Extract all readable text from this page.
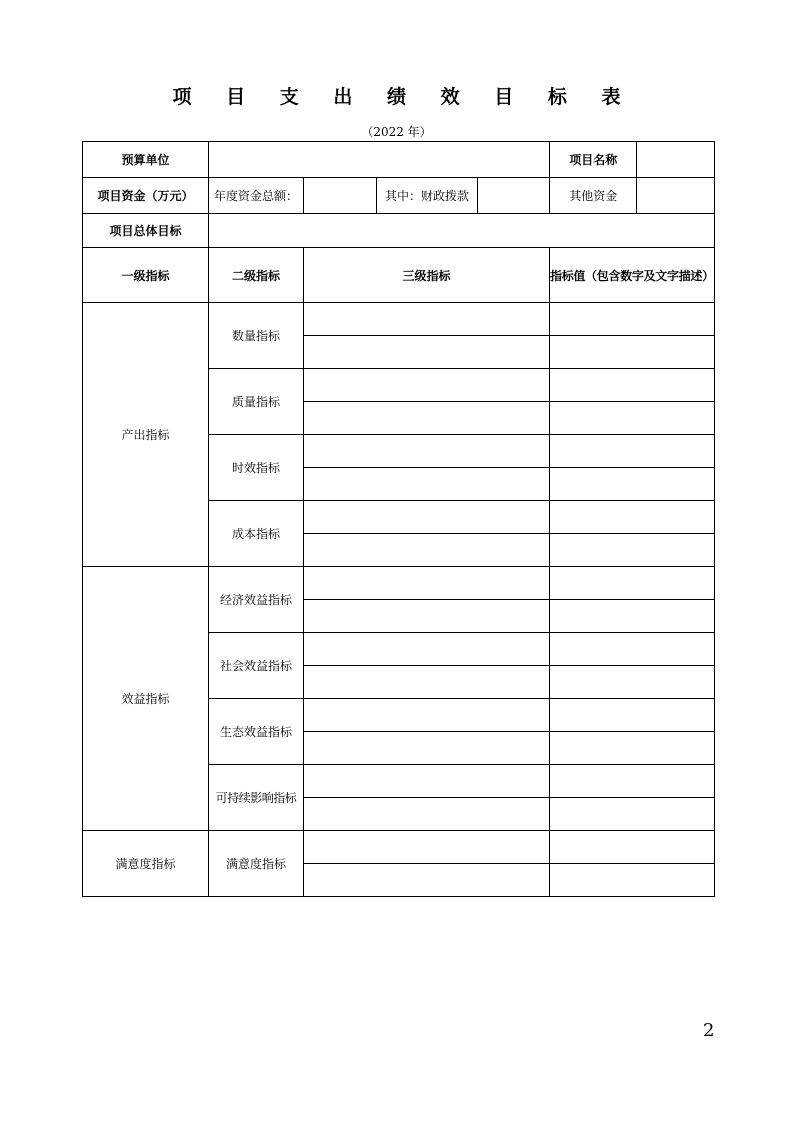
项 目 支 出 绩 效 目 标 表
（2022 年）
预算单位					项目名称	
项目资金（万元）	年度资金总额：		其中：财政拨款		其他资金	
项目总体目标						
一级指标	二级指标	三级指标			指标值（包含数字及文字描述）	
产出指标	数量指标					

	质量指标					

	时效指标					

	成本指标					

效益指标	经济效益指标					

	社会效益指标					

	生态效益指标					

	可持续影响指标					

满意度指标	满意度指标					

2
